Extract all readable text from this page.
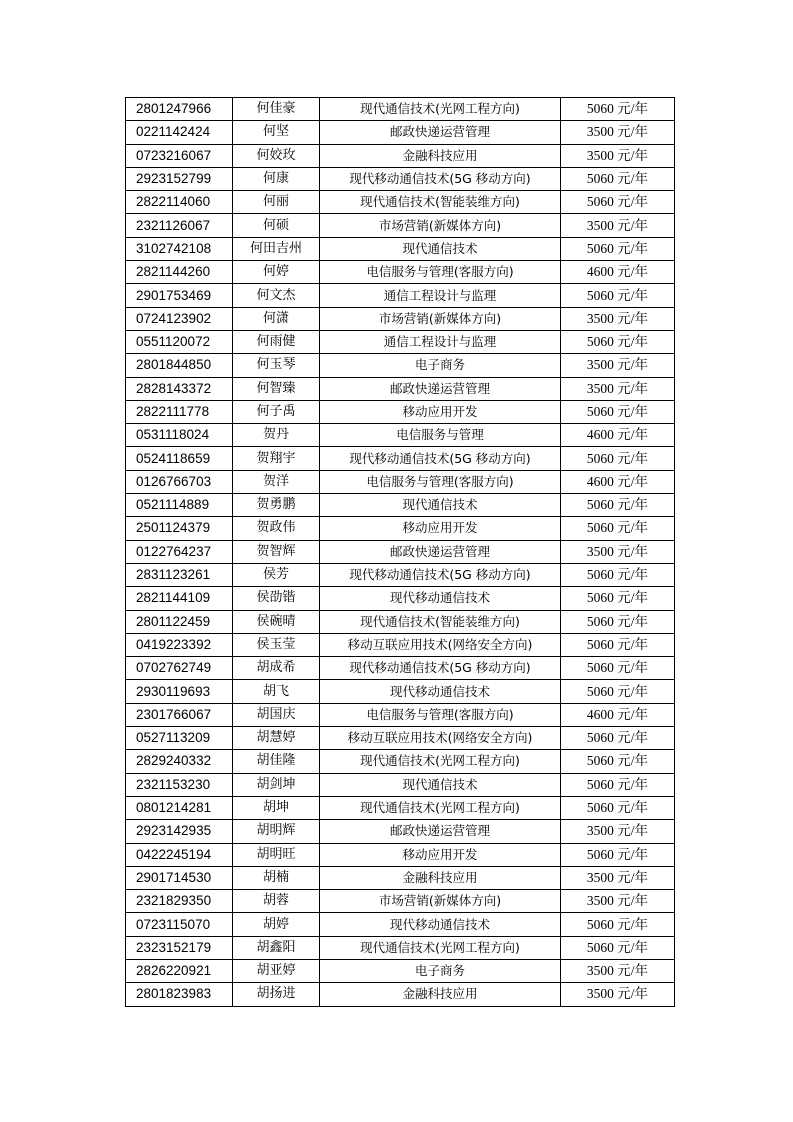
2801247966	何佳豪	现代通信技术(光网工程方向)	5060 元/年
0221142424	何坚	邮政快递运营管理	3500 元/年
0723216067	何姣玫	金融科技应用	3500 元/年
2923152799	何康	现代移动通信技术(5G 移动方向)	5060 元/年
2822114060	何丽	现代通信技术(智能装维方向)	5060 元/年
2321126067	何硕	市场营销(新媒体方向)	3500 元/年
3102742108	何田吉州	现代通信技术	5060 元/年
2821144260	何婷	电信服务与管理(客服方向)	4600 元/年
2901753469	何文杰	通信工程设计与监理	5060 元/年
0724123902	何潇	市场营销(新媒体方向)	3500 元/年
0551120072	何雨健	通信工程设计与监理	5060 元/年
2801844850	何玉琴	电子商务	3500 元/年
2828143372	何智臻	邮政快递运营管理	3500 元/年
2822111778	何子禹	移动应用开发	5060 元/年
0531118024	贺丹	电信服务与管理	4600 元/年
0524118659	贺翔宇	现代移动通信技术(5G 移动方向)	5060 元/年
0126766703	贺洋	电信服务与管理(客服方向)	4600 元/年
0521114889	贺勇鹏	现代通信技术	5060 元/年
2501124379	贺政伟	移动应用开发	5060 元/年
0122764237	贺智辉	邮政快递运营管理	3500 元/年
2831123261	侯芳	现代移动通信技术(5G 移动方向)	5060 元/年
2821144109	侯劭锴	现代移动通信技术	5060 元/年
2801122459	侯碗晴	现代通信技术(智能装维方向)	5060 元/年
0419223392	侯玉莹	移动互联应用技术(网络安全方向)	5060 元/年
0702762749	胡成希	现代移动通信技术(5G 移动方向)	5060 元/年
2930119693	胡飞	现代移动通信技术	5060 元/年
2301766067	胡国庆	电信服务与管理(客服方向)	4600 元/年
0527113209	胡慧婷	移动互联应用技术(网络安全方向)	5060 元/年
2829240332	胡佳隆	现代通信技术(光网工程方向)	5060 元/年
2321153230	胡剑坤	现代通信技术	5060 元/年
0801214281	胡坤	现代通信技术(光网工程方向)	5060 元/年
2923142935	胡明辉	邮政快递运营管理	3500 元/年
0422245194	胡明旺	移动应用开发	5060 元/年
2901714530	胡楠	金融科技应用	3500 元/年
2321829350	胡蓉	市场营销(新媒体方向)	3500 元/年
0723115070	胡婷	现代移动通信技术	5060 元/年
2323152179	胡鑫阳	现代通信技术(光网工程方向)	5060 元/年
2826220921	胡亚婷	电子商务	3500 元/年
2801823983	胡扬进	金融科技应用	3500 元/年
